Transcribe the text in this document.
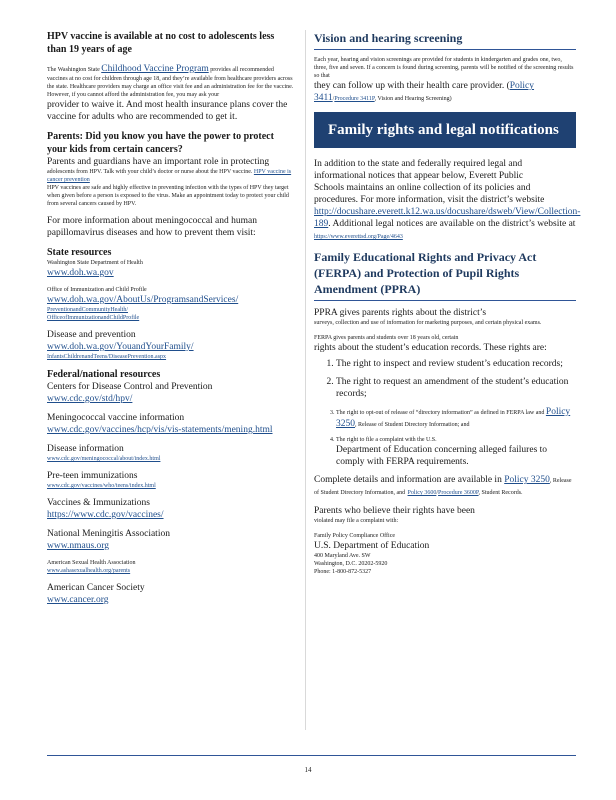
HPV vaccine is available at no cost to adolescents less than 19 years of age

The Washington State Childhood Vaccine Program provides all recommended vaccines at no cost for children through age 18, and they’re available from healthcare providers across the state. Healthcare providers may charge an office visit fee and an administration fee for the vaccine. However, if you cannot afford the administration fee, you may ask your

provider to waive it. And most health insurance plans cover the vaccine for adults who are recommended to get it.

Parents: Did you know you have the power to protect your kids from certain cancers?

Parents and guardians have an important role in protecting

adolescents from HPV. Talk with your child’s doctor or nurse about the HPV vaccine. HPV vaccine is cancer prevention

HPV vaccines are safe and highly effective in preventing infection with the types of HPV they target when given before a person is exposed to the virus. Make an appointment today to protect your child from several cancers caused by HPV.

For more information about meningococcal and human papillomavirus diseases and how to prevent them visit:

State resources

Washington State Department of Health

www.doh.wa.gov

Office of Immunization and Child Profile

www.doh.wa.gov/AboutUs/ProgramsandServices/
PreventionandCommunityHealth/
OfficeofImmunizationandChildProfile

Disease and prevention

www.doh.wa.gov/YouandYourFamily/
InfantsChildrenandTeens/DiseasePrevention.aspx

Federal/national resources

Centers for Disease Control and Prevention

www.cdc.gov/std/hpv/

Meningococcal vaccine information

www.cdc.gov/vaccines/hcp/vis/vis-statements/mening.html

Disease information

www.cdc.gov/meningococcal/about/index.html

Pre-teen immunizations

www.cdc.gov/vaccines/who/teens/index.html

Vaccines & Immunizations

https://www.cdc.gov/vaccines/

National Meningitis Association

www.nmaus.org

American Sexual Health Association

www.ashasexualhealth.org/parents

American Cancer Society

www.cancer.org

Vision and hearing screening

Each year, hearing and vision screenings are provided for students in kindergarten and grades one, two, three, five and seven. If a concern is found during screening, parents will be notified of the screening results so that

they can follow up with their health care provider. (Policy 3411/Procedure 3411P, Vision and Hearing Screening)

Family rights and legal notifications

In addition to the state and federally required legal and informational notices that appear below, Everett Public

Schools maintains an online collection of its policies and procedures. For more information, visit the district’s website

http://docushare.everett.k12.wa.us/docushare/dsweb/View/Collection-189. Additional legal notices are available on the district’s website at https://www.everettsd.org/Page/4643

Family Educational Rights and Privacy Act (FERPA) and Protection of Pupil Rights Amendment (PPRA)

PPRA gives parents rights about the district’s

surveys, collection and use of information for marketing purposes, and certain physical exams.

FERPA gives parents and students over 18 years old, certain

rights about the student’s education records. These rights are:

1. The right to inspect and review student’s education records;
2. The right to request an amendment of the student’s education records;
3. The right to opt-out of release of “directory information” as defined in FERPA law and Policy 3250, Release of Student Directory Information; and
4. The right to file a complaint with the U.S.
Department of Education concerning alleged failures to comply with FERPA requirements.

Complete details and information are available in Policy 3250, Release of Student Directory Information, and Policy 3600/Procedure 3600P, Student Records.

Parents who believe their rights have been

violated may file a complaint with:

Family Policy Compliance Office

U.S. Department of Education

400 Maryland Ave. SW

Washington, D.C. 20202-5920

Phone: 1-800-872-5327

14
